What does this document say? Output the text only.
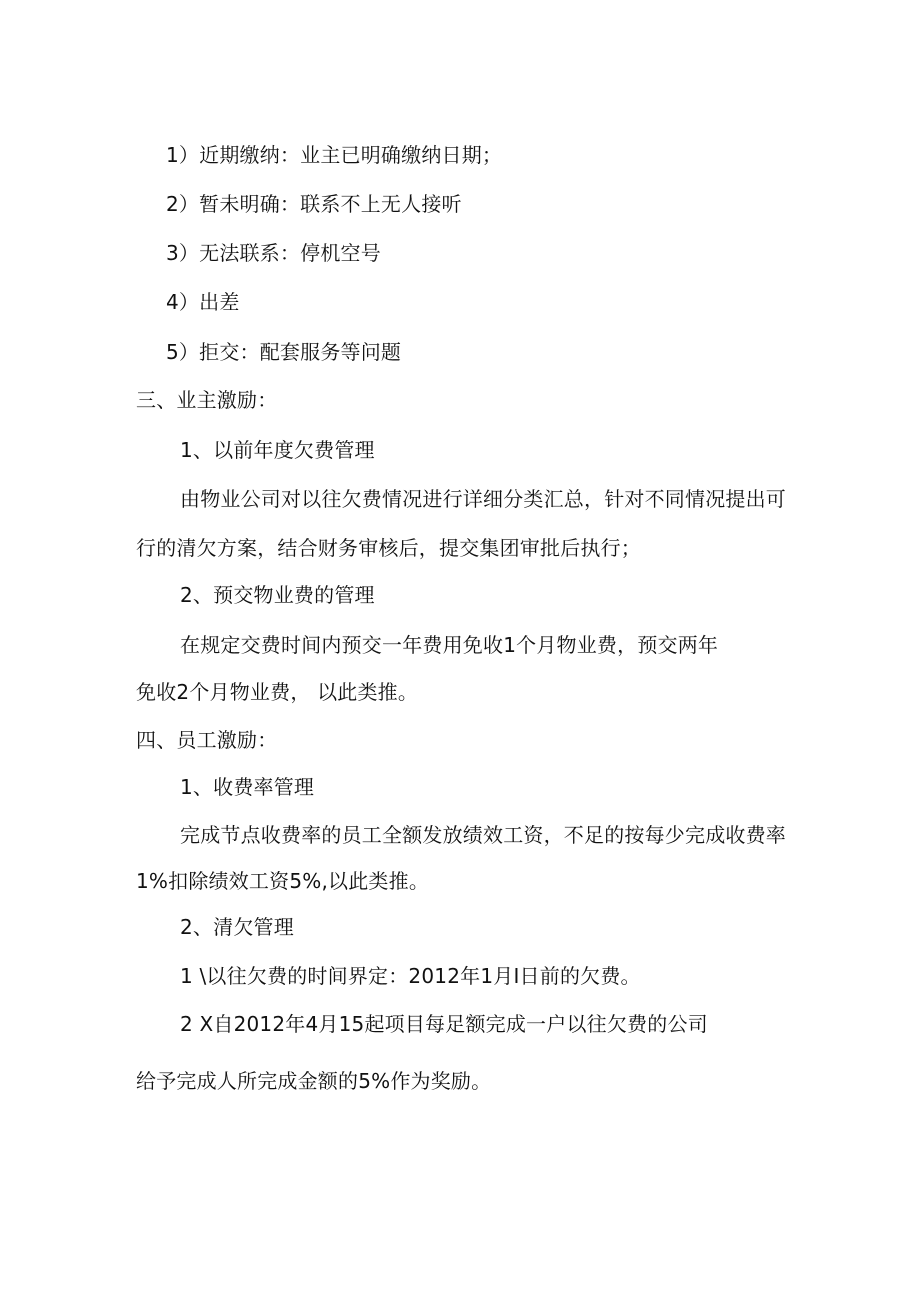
1）近期缴纳：业主已明确缴纳日期；
2）暂未明确：联系不上无人接听
3）无法联系：停机空号
4）出差
5）拒交：配套服务等问题
三、业主激励：
1、以前年度欠费管理
由物业公司对以往欠费情况进行详细分类汇总，针对不同情况提出可
行的清欠方案，结合财务审核后，提交集团审批后执行；
2、预交物业费的管理
在规定交费时间内预交一年费用免收1个月物业费，预交两年
免收2个月物业费， 以此类推。
四、员工激励：
1、收费率管理
完成节点收费率的员工全额发放绩效工资，不足的按每少完成收费率
1%扣除绩效工资5%,以此类推。
2、清欠管理
1 \以往欠费的时间界定：2012年1月I日前的欠费。
2 X自2012年4月15起项目每足额完成一户以往欠费的公司
给予完成人所完成金额的5%作为奖励。
